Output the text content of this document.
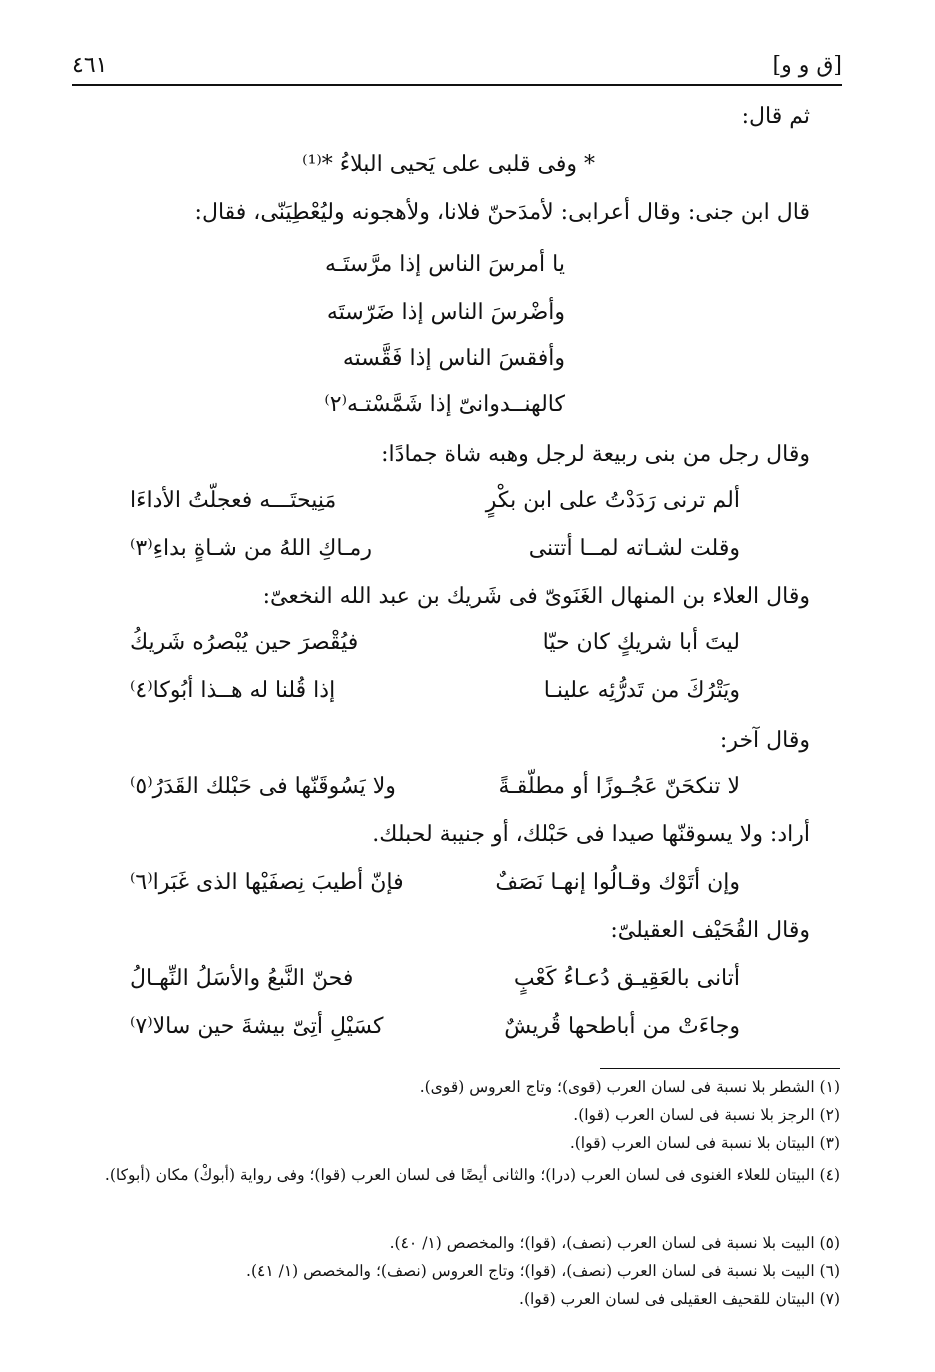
٤٦١	[ق و و]
ثم قال:
* وفى قلبى على يَحيى البلاءُ *⁽¹⁾
قال ابن جنى: وقال أعرابى: لأمدَحنّ فلانا، ولأهجونه وليُعْطِيَنّى، فقال:
يا أمرسَ الناس إذا مرَّستَـه
وأضْرسَ الناس إذا ضَرّستَه
وأفقسَ الناس إذا فَقَّسته
كالهنــدوانىّ إذا شَمَّسْتـه⁽٢⁾
وقال رجل من بنى ربيعة لرجل وهبه شاة جمادًا:
ألم ترنى رَدَدْتُ على ابن بكْرٍ
مَنِيحتَـــه فعجلّتُ الأداءَا
وقلت لشـاته لمــا أتتنى
رمـاكِ اللهُ من شـاةٍ بداءِ⁽٣⁾
وقال العلاء بن المنهال الغَنَوىّ فى شَريك بن عبد الله النخعىّ:
ليتَ أبا شريكٍ كان حيّا
فيُقْصرَ حين يُبْصرُه شَريكُ
ويَتْرُكَ من تَدرُّئِه علينـا
إذا قُلنا له هــذا أبُوكا⁽٤⁾
وقال آخر:
لا تنكحَنّ عَجُـوزًا أو مطلّقـةً
ولا يَسُوقَنّها فى حَبْلك القَدَرُ⁽٥⁾
أراد: ولا يسوقنّها صيدا فى حَبْلك، أو جنيبة لحبلك.
وإن أتَوْك وقـالُوا إنهـا نَصَفٌ
فإنّ أطيبَ نِصفَيْها الذى غَبَرا⁽٦⁾
وقال القُحَيْف العقيلىّ:
أتانى بالعَقِيـق دُعـاءُ كَعْبٍ
فحنّ النَّبعُ والأسَلُ النِّهـالُ
وجاءَتْ من أباطحها قُريشٌ
كسَيْلِ أتِىّ بيشةَ حين سالا⁽٧⁾
(١) الشطر بلا نسبة فى لسان العرب (قوى)؛ وتاج العروس (قوى).
(٢) الرجز بلا نسبة فى لسان العرب (قوا).
(٣) البيتان بلا نسبة فى لسان العرب (قوا).
(٤) البيتان للعلاء الغنوى فى لسان العرب (درا)؛ والثانى أيضًا فى لسان العرب (قوا)؛ وفى رواية (أبوكْ) مكان (أبوكا).
(٥) البيت بلا نسبة فى لسان العرب (نصف)، (قوا)؛ والمخصص (١/ ٤٠).
(٦) البيت بلا نسبة فى لسان العرب (نصف)، (قوا)؛ وتاج العروس (نصف)؛ والمخصص (١/ ٤١).
(٧) البيتان للقحيف العقيلى فى لسان العرب (قوا).
